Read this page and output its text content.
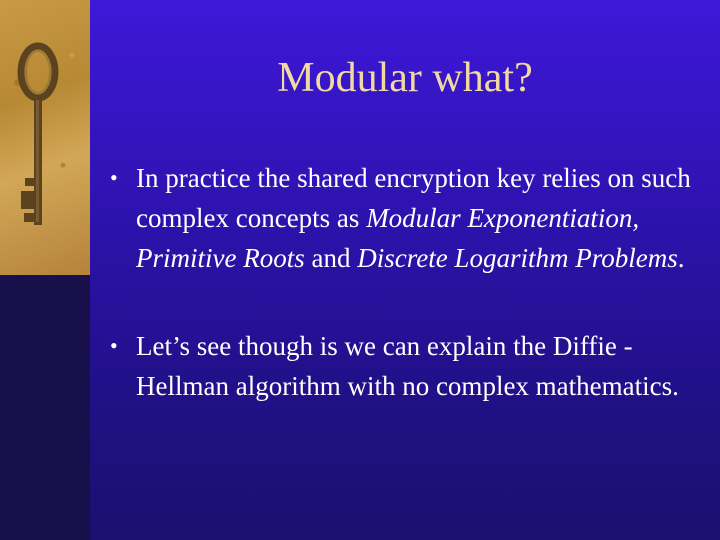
Modular what?
• In practice the shared encryption key relies on such complex concepts as Modular Exponentiation, Primitive Roots and Discrete Logarithm Problems.
• Let’s see though is we can explain the Diffie -Hellman algorithm with no complex mathematics.
